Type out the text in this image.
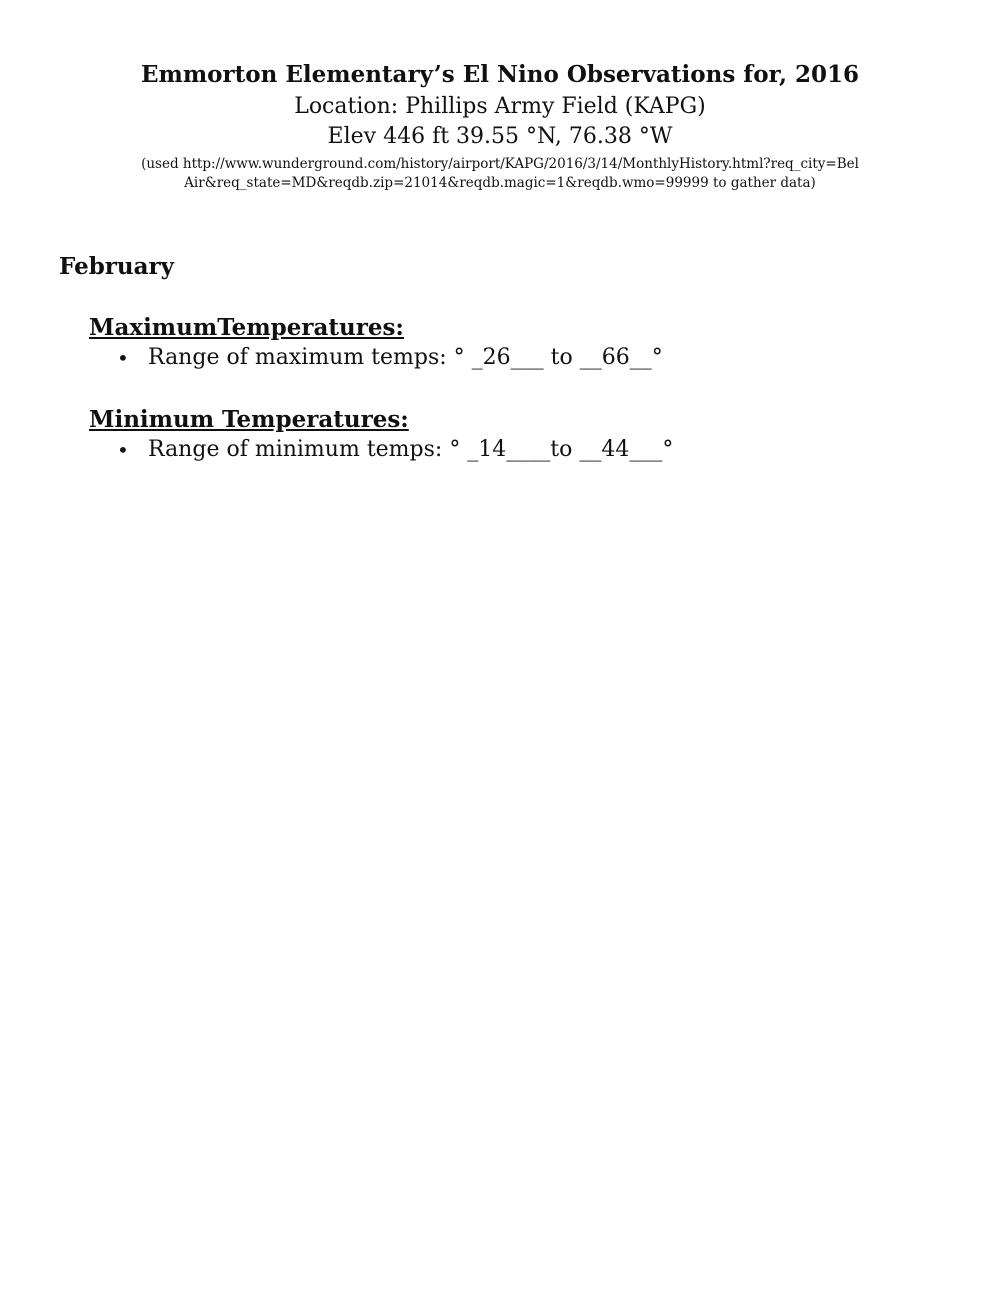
Emmorton Elementary’s El Nino Observations for, 2016
Location: Phillips Army Field (KAPG)
Elev 446 ft 39.55 °N, 76.38 °W
(used http://www.wunderground.com/history/airport/KAPG/2016/3/14/MonthlyHistory.html?req_city=Bel
Air&req_state=MD&reqdb.zip=21014&reqdb.magic=1&reqdb.wmo=99999 to gather data)
February
MaximumTemperatures:
• Range of maximum temps: ° _26___ to __66__°
Minimum Temperatures:
• Range of minimum temps: ° _14____to __44___°
